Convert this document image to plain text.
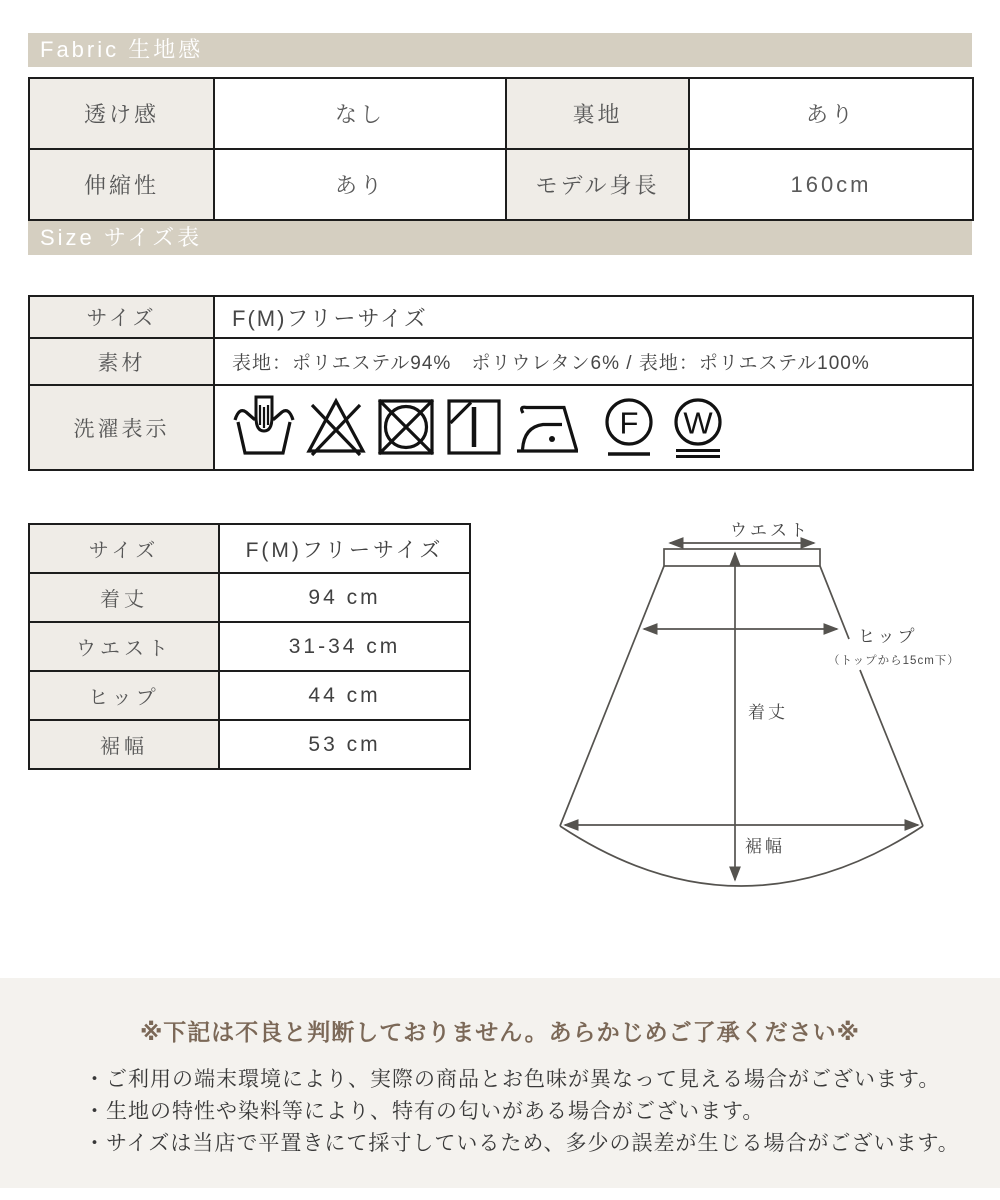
Fabric 生地感
透け感	なし	裏地	あり
伸縮性	あり	モデル身長	160cm
Size サイズ表
サイズ	F(M)フリーサイズ
素材	表地：ポリエステル94%　ポリウレタン6% / 表地：ポリエステル100%
洗濯表示	F W
サイズ	F(M)フリーサイズ
着丈	94 cm
ウエスト	31-34 cm
ヒップ	44 cm
裾幅	53 cm
ウエスト
ヒップ
（トップから15cm下）
着丈
裾幅
※下記は不良と判断しておりません。あらかじめご了承ください※
・ご利用の端末環境により、実際の商品とお色味が異なって見える場合がございます。
・生地の特性や染料等により、特有の匂いがある場合がございます。
・サイズは当店で平置きにて採寸しているため、多少の誤差が生じる場合がございます。
